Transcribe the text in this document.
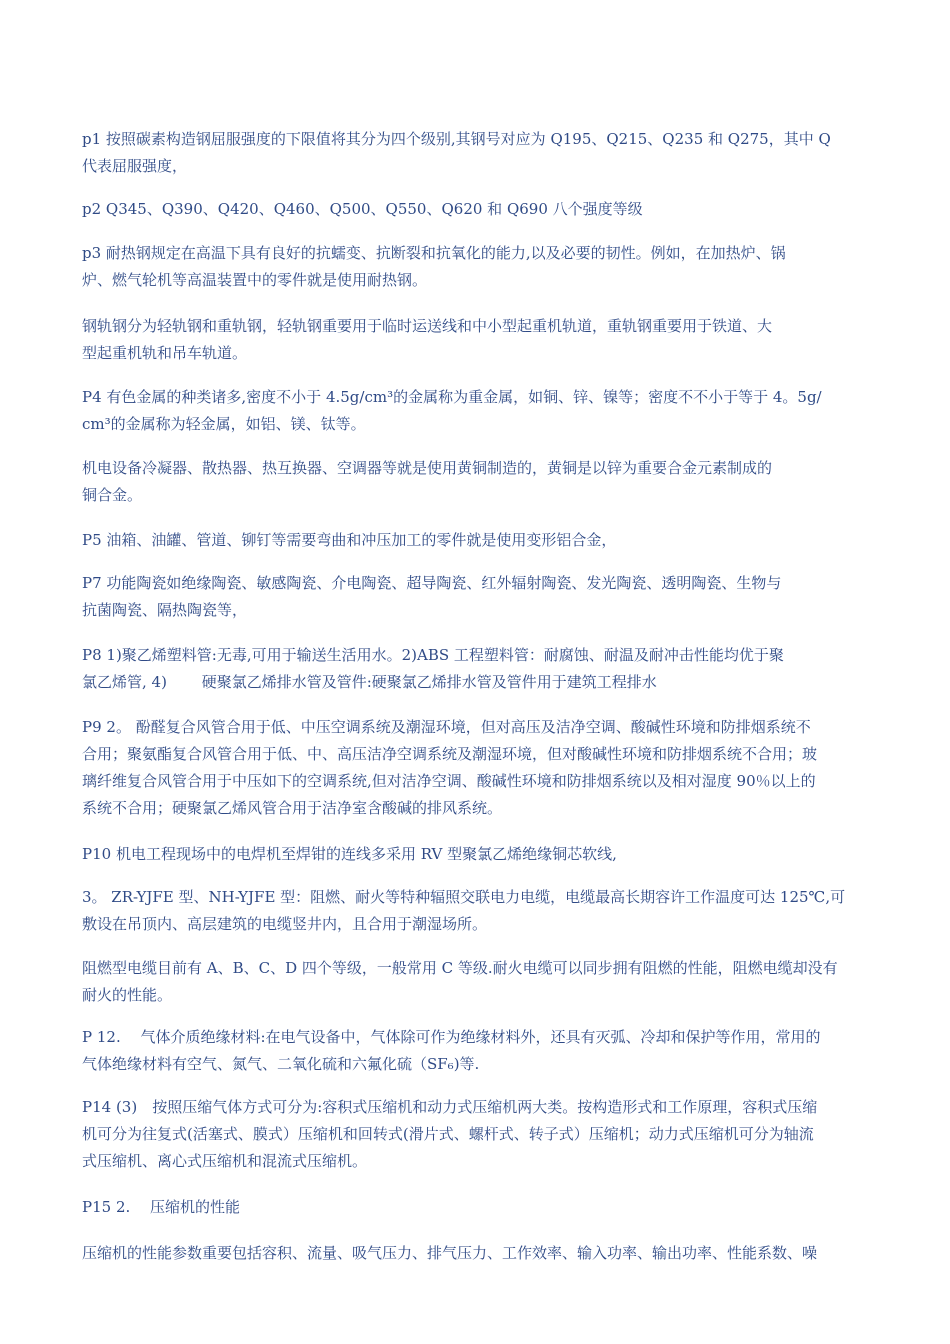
p1 按照碳素构造钢屈服强度的下限值将其分为四个级别,其钢号对应为 Q195、Q215、Q235 和 Q275，其中 Q
代表屈服强度，

p2 Q345、Q390、Q420、Q460、Q500、Q550、Q620 和 Q690 八个强度等级

p3 耐热钢规定在高温下具有良好的抗蠕变、抗断裂和抗氧化的能力,以及必要的韧性。例如，在加热炉、锅
炉、燃气轮机等高温装置中的零件就是使用耐热钢。

钢轨钢分为轻轨钢和重轨钢，轻轨钢重要用于临时运送线和中小型起重机轨道，重轨钢重要用于铁道、大
型起重机轨和吊车轨道。

P4 有色金属的种类诸多,密度不小于 4.5g/cm³的金属称为重金属，如铜、锌、镍等；密度不不小于等于 4。5g/
cm³的金属称为轻金属，如铝、镁、钛等。

机电设备冷凝器、散热器、热互换器、空调器等就是使用黄铜制造的，黄铜是以锌为重要合金元素制成的
铜合金。

P5 油箱、油罐、管道、铆钉等需要弯曲和冲压加工的零件就是使用变形铝合金，

P7 功能陶瓷如绝缘陶瓷、敏感陶瓷、介电陶瓷、超导陶瓷、红外辐射陶瓷、发光陶瓷、透明陶瓷、生物与
抗菌陶瓷、隔热陶瓷等，

P8 1)聚乙烯塑料管:无毒,可用于输送生活用水。2)ABS 工程塑料管：耐腐蚀、耐温及耐冲击性能均优于聚
氯乙烯管, 4)　　 硬聚氯乙烯排水管及管件:硬聚氯乙烯排水管及管件用于建筑工程排水

P9 2。 酚醛复合风管合用于低、中压空调系统及潮湿环境，但对高压及洁净空调、酸碱性环境和防排烟系统不
合用；聚氨酯复合风管合用于低、中、高压洁净空调系统及潮湿环境，但对酸碱性环境和防排烟系统不合用；玻
璃纤维复合风管合用于中压如下的空调系统,但对洁净空调、酸碱性环境和防排烟系统以及相对湿度 90％以上的
系统不合用；硬聚氯乙烯风管合用于洁净室含酸碱的排风系统。

P10 机电工程现场中的电焊机至焊钳的连线多采用 RV 型聚氯乙烯绝缘铜芯软线,

3。 ZR-YJFE 型、NH-YJFE 型：阻燃、耐火等特种辐照交联电力电缆，电缆最高长期容许工作温度可达 125℃,可
敷设在吊顶内、高层建筑的电缆竖井内，且合用于潮湿场所。

阻燃型电缆目前有 A、B、C、D 四个等级，一般常用 C 等级.耐火电缆可以同步拥有阻燃的性能，阻燃电缆却没有
耐火的性能。

P 12.　 气体介质绝缘材料:在电气设备中，气体除可作为绝缘材料外，还具有灭弧、冷却和保护等作用，常用的
气体绝缘材料有空气、氮气、二氧化硫和六氟化硫（SF₆)等.

P14 (3)　按照压缩气体方式可分为:容积式压缩机和动力式压缩机两大类。按构造形式和工作原理，容积式压缩
机可分为往复式(活塞式、膜式）压缩机和回转式(滑片式、螺杆式、转子式）压缩机；动力式压缩机可分为轴流
式压缩机、离心式压缩机和混流式压缩机。

P15 2.　 压缩机的性能

压缩机的性能参数重要包括容积、流量、吸气压力、排气压力、工作效率、输入功率、输出功率、性能系数、噪
